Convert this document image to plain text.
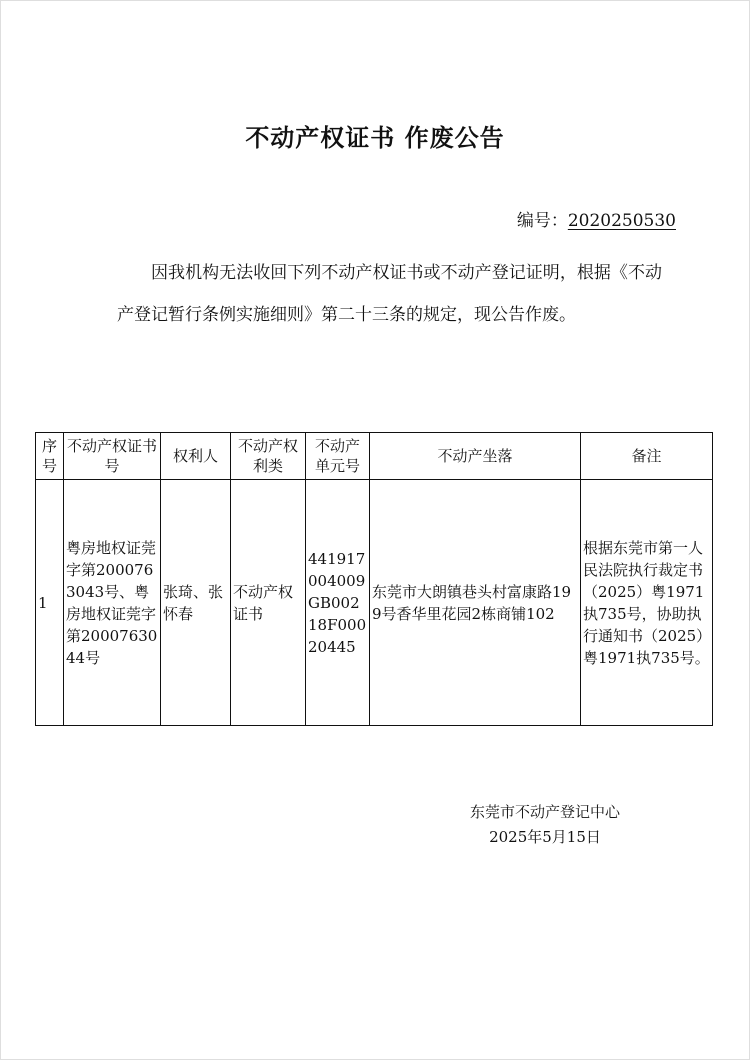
不动产权证书 作废公告
编号：2020250530
因我机构无法收回下列不动产权证书或不动产登记证明，根据《不动产登记暂行条例实施细则》第二十三条的规定，现公告作废。
序号	不动产权证书号	权利人	不动产权利类	不动产单元号	不动产坐落	备注
1	粤房地权证莞字第2000763043号、粤房地权证莞字第2000763044号	张琦、张怀春	不动产权证书	441917004009GB00218F00020445	东莞市大朗镇巷头村富康路199号香华里花园2栋商铺102	根据东莞市第一人民法院执行裁定书（2025）粤1971执735号，协助执行通知书（2025）粤1971执735号。
东莞市不动产登记中心
2025年5月15日
